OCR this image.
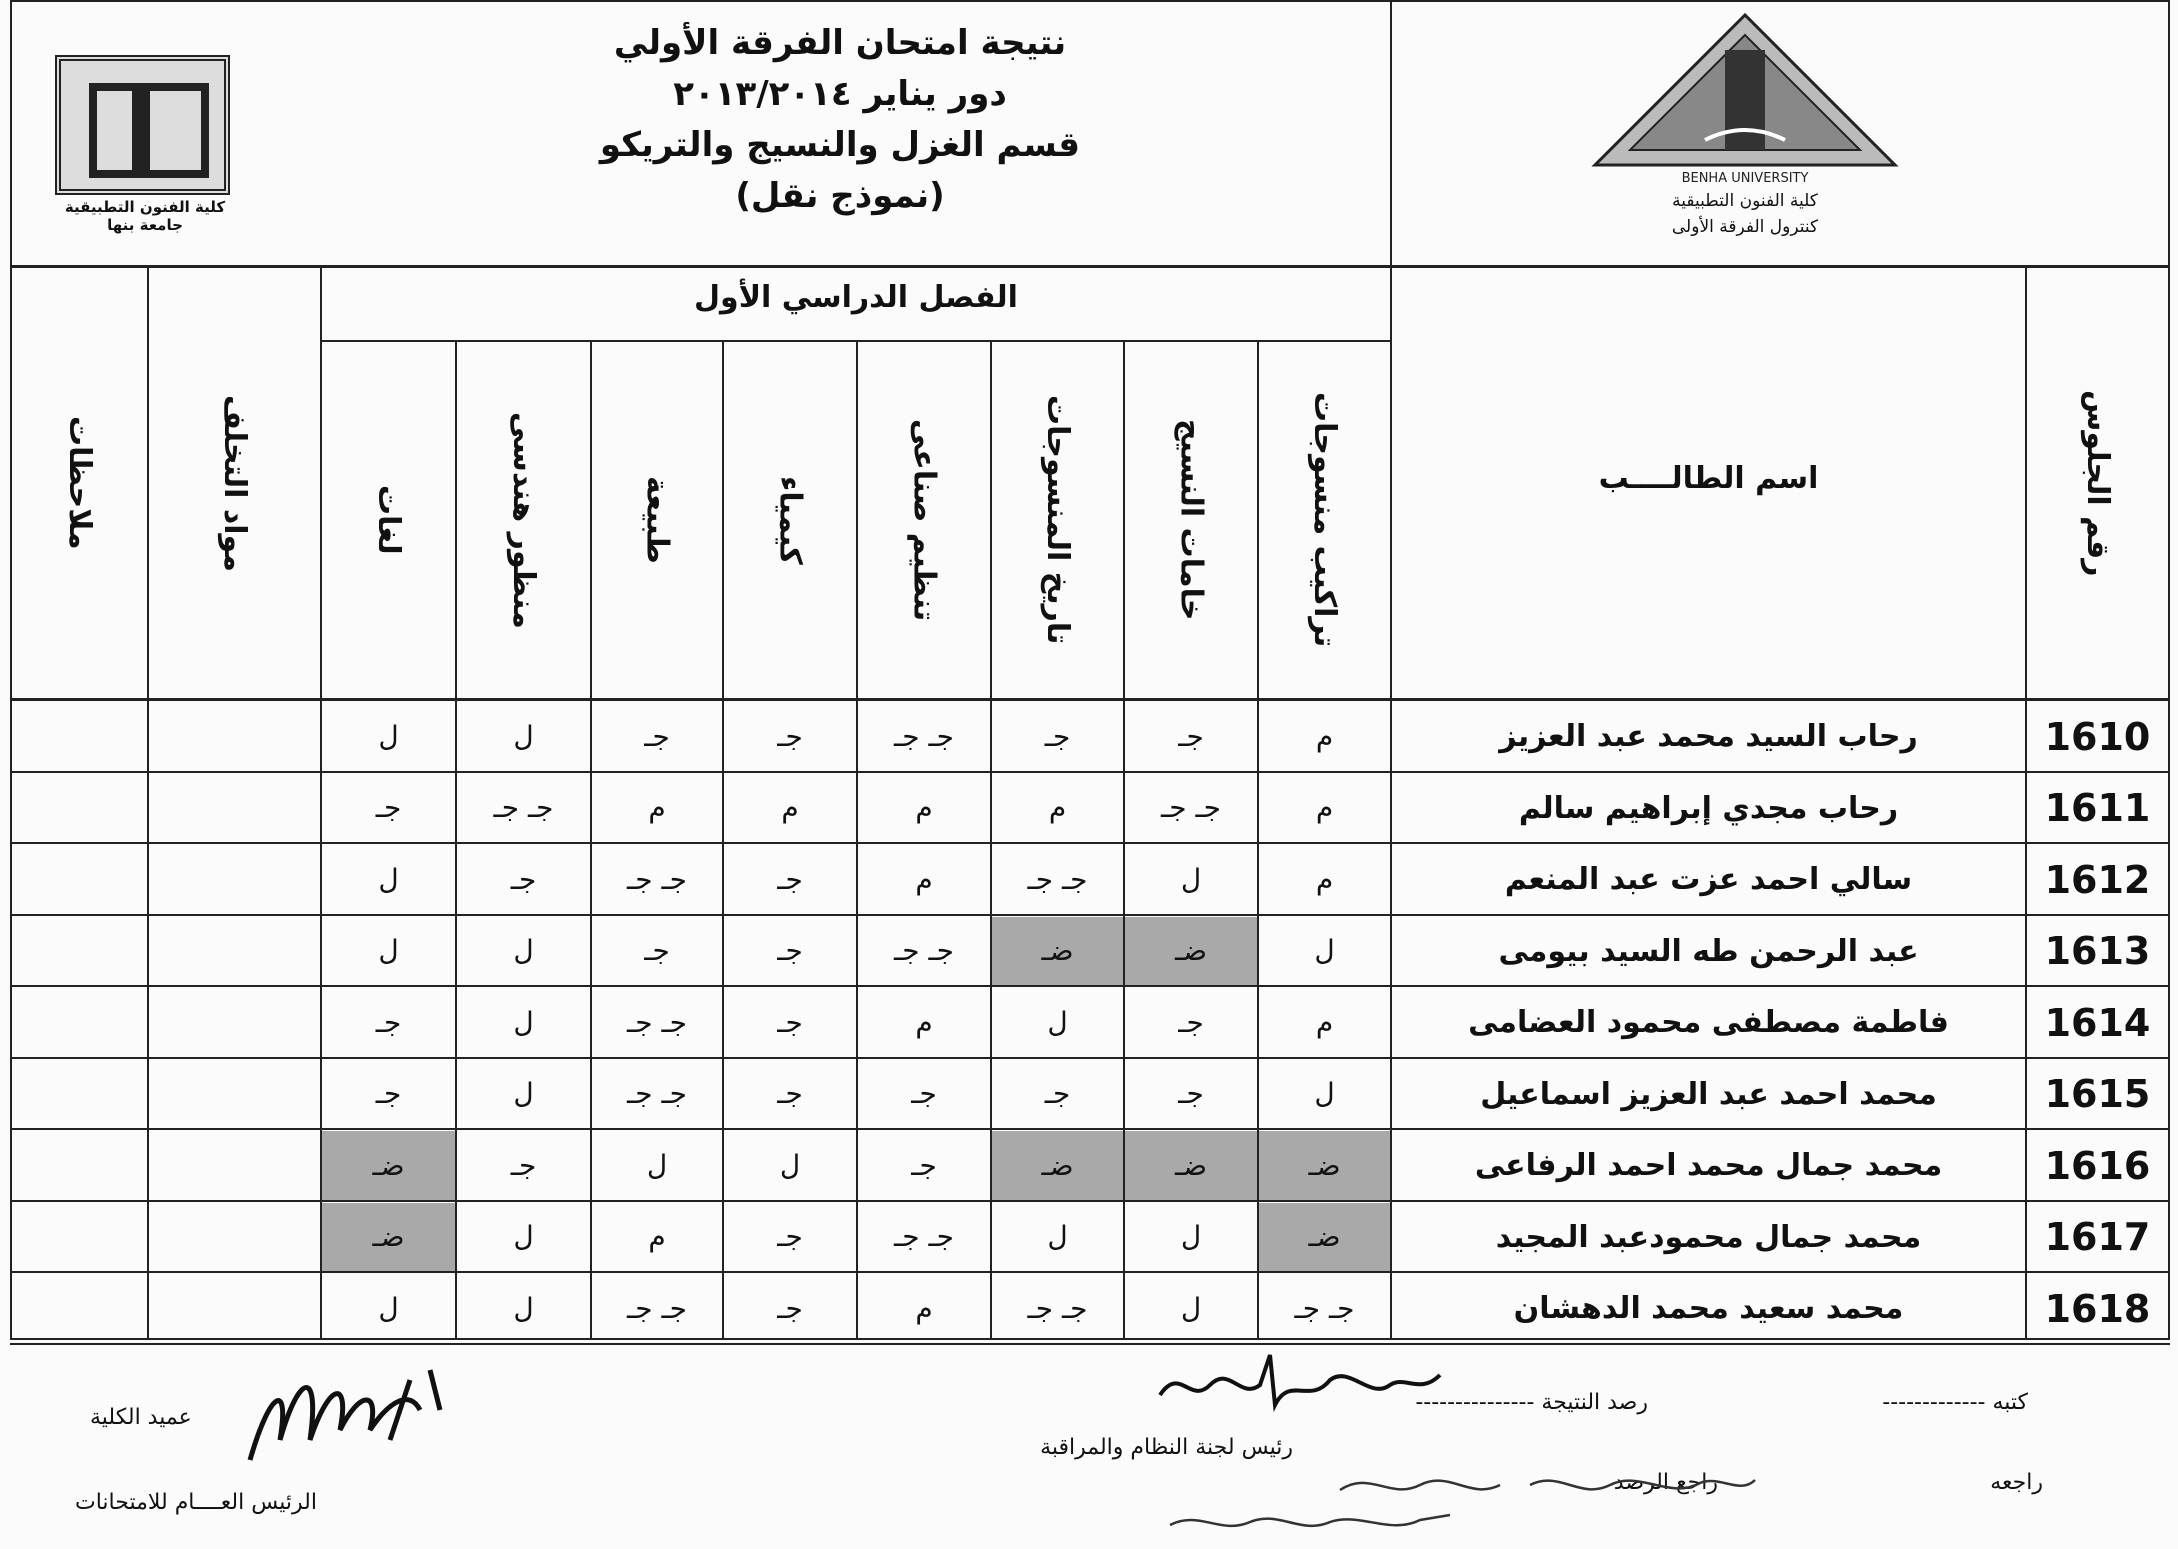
كلية الفنون التطبيقية
جامعة بنها
نتيجة امتحان الفرقة الأولي
دور يناير ٢٠١٣/٢٠١٤
قسم الغزل والنسيج والتريكو
(نموذج نقل)	BENHA UNIVERSITY
كلية الفنون التطبيقية
كنترول الفرقة الأولى
الفصل الدراسي الأول
رقم الجلوس
اسم الطالــــب
تراكيب منسوجات
خامات النسيج
تاريخ المنسوجات
تنظيم صناعى
كيمياء
طبيعة
منظور هندسى
لغات
مواد التخلف
ملاحظات
1610
رحاب السيد محمد عبد العزيز
م
جـ
جـ
جـ جـ
جـ
جـ
ل
ل
1611
رحاب مجدي إبراهيم سالم
م
جـ جـ
م
م
م
م
جـ جـ
جـ
1612
سالي احمد عزت عبد المنعم
م
ل
جـ جـ
م
جـ
جـ جـ
جـ
ل
1613
عبد الرحمن طه السيد بيومى
ل
ضـ
ضـ
جـ جـ
جـ
جـ
ل
ل
1614
فاطمة مصطفى محمود العضامى
م
جـ
ل
م
جـ
جـ جـ
ل
جـ
1615
محمد احمد عبد العزيز اسماعيل
ل
جـ
جـ
جـ
جـ
جـ جـ
ل
جـ
1616
محمد جمال محمد احمد الرفاعى
ضـ
ضـ
ضـ
جـ
ل
ل
جـ
ضـ
1617
محمد جمال محمودعبد المجيد
ضـ
ل
ل
جـ جـ
جـ
م
ل
ضـ
1618
محمد سعيد محمد الدهشان
جـ جـ
ل
جـ جـ
م
جـ
جـ جـ
ل
ل
كتبه -------------
رصد النتيجة ---------------
رئيس لجنة النظام والمراقبة
راجعه
راجع الرصد
عميد الكلية
الرئيس العــــام للامتحانات
